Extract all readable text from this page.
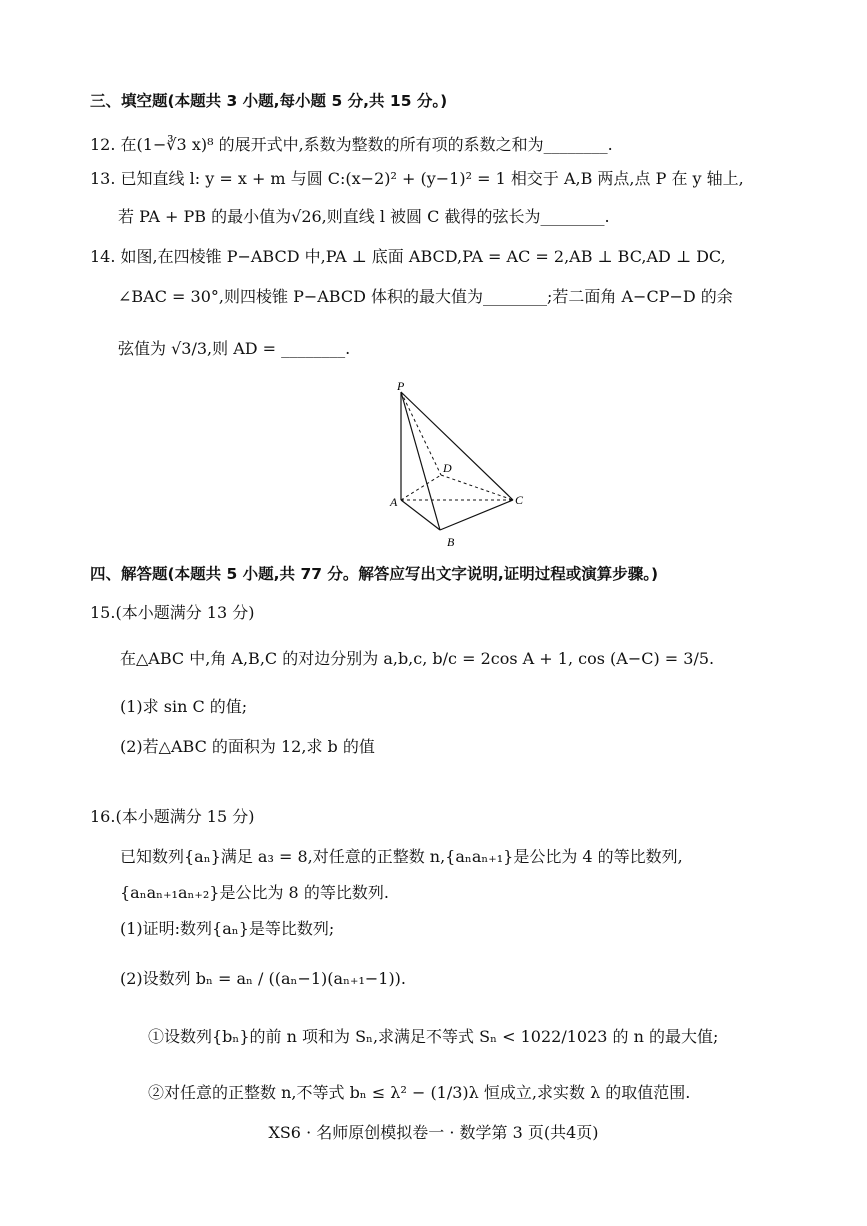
三、填空题(本题共 3 小题,每小题 5 分,共 15 分。)
12. 在(1−∛3 x)⁸ 的展开式中,系数为整数的所有项的系数之和为________.
13. 已知直线 l: y = x + m 与圆 C:(x−2)² + (y−1)² = 1 相交于 A,B 两点,点 P 在 y 轴上,
若 PA + PB 的最小值为√26,则直线 l 被圆 C 截得的弦长为________.
14. 如图,在四棱锥 P−ABCD 中,PA ⊥ 底面 ABCD,PA = AC = 2,AB ⊥ BC,AD ⊥ DC,
∠BAC = 30°,则四棱锥 P−ABCD 体积的最大值为________;若二面角 A−CP−D 的余
弦值为 √3/3,则 AD = ________.
P
A
B
C
D
四、解答题(本题共 5 小题,共 77 分。解答应写出文字说明,证明过程或演算步骤。)
15.(本小题满分 13 分)
在△ABC 中,角 A,B,C 的对边分别为 a,b,c, b/c = 2cos A + 1, cos (A−C) = 3/5.
(1)求 sin C 的值;
(2)若△ABC 的面积为 12,求 b 的值
16.(本小题满分 15 分)
已知数列{aₙ}满足 a₃ = 8,对任意的正整数 n,{aₙaₙ₊₁}是公比为 4 的等比数列,
{aₙaₙ₊₁aₙ₊₂}是公比为 8 的等比数列.
(1)证明:数列{aₙ}是等比数列;
(2)设数列 bₙ = aₙ / ((aₙ−1)(aₙ₊₁−1)).
①设数列{bₙ}的前 n 项和为 Sₙ,求满足不等式 Sₙ < 1022/1023 的 n 的最大值;
②对任意的正整数 n,不等式 bₙ ≤ λ² − (1/3)λ 恒成立,求实数 λ 的取值范围.
XS6 · 名师原创模拟卷一 · 数学第 3 页(共4页)
